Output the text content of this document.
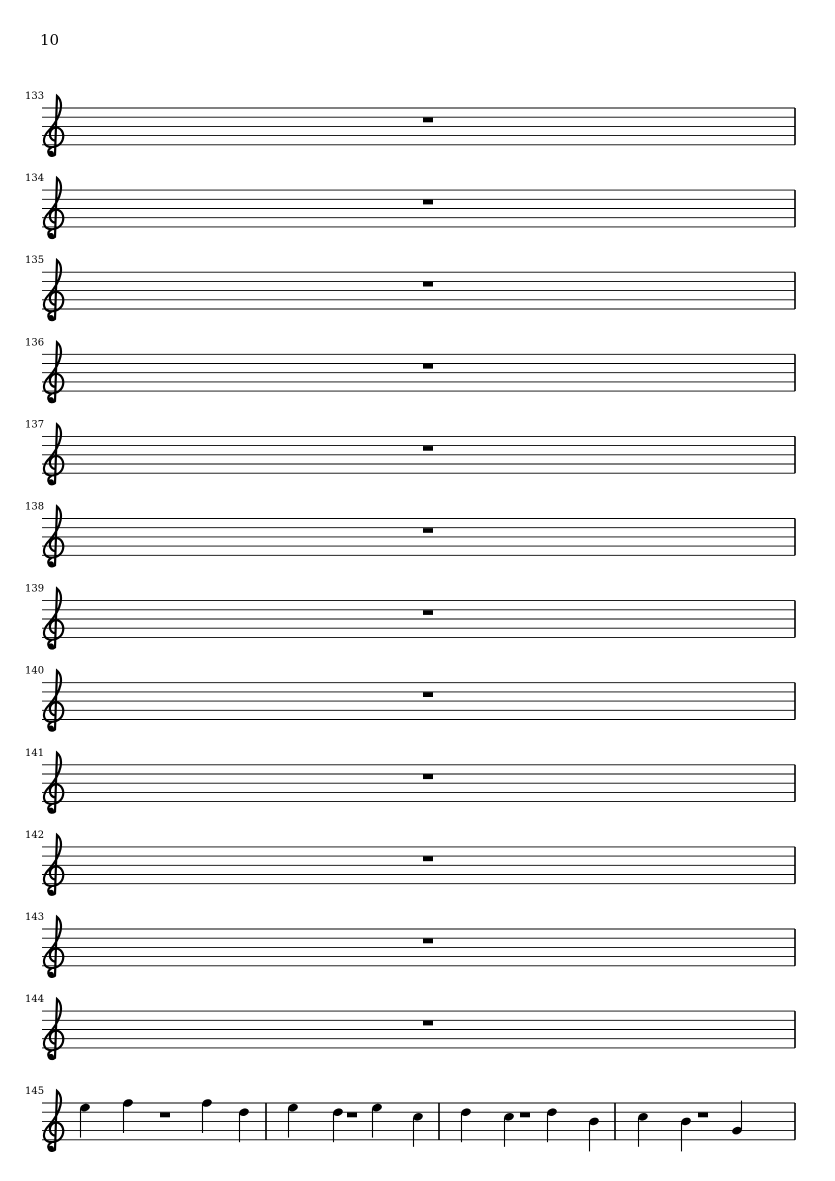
10
133
134
135
136
137
138
139
140
141
142
143
144
145
